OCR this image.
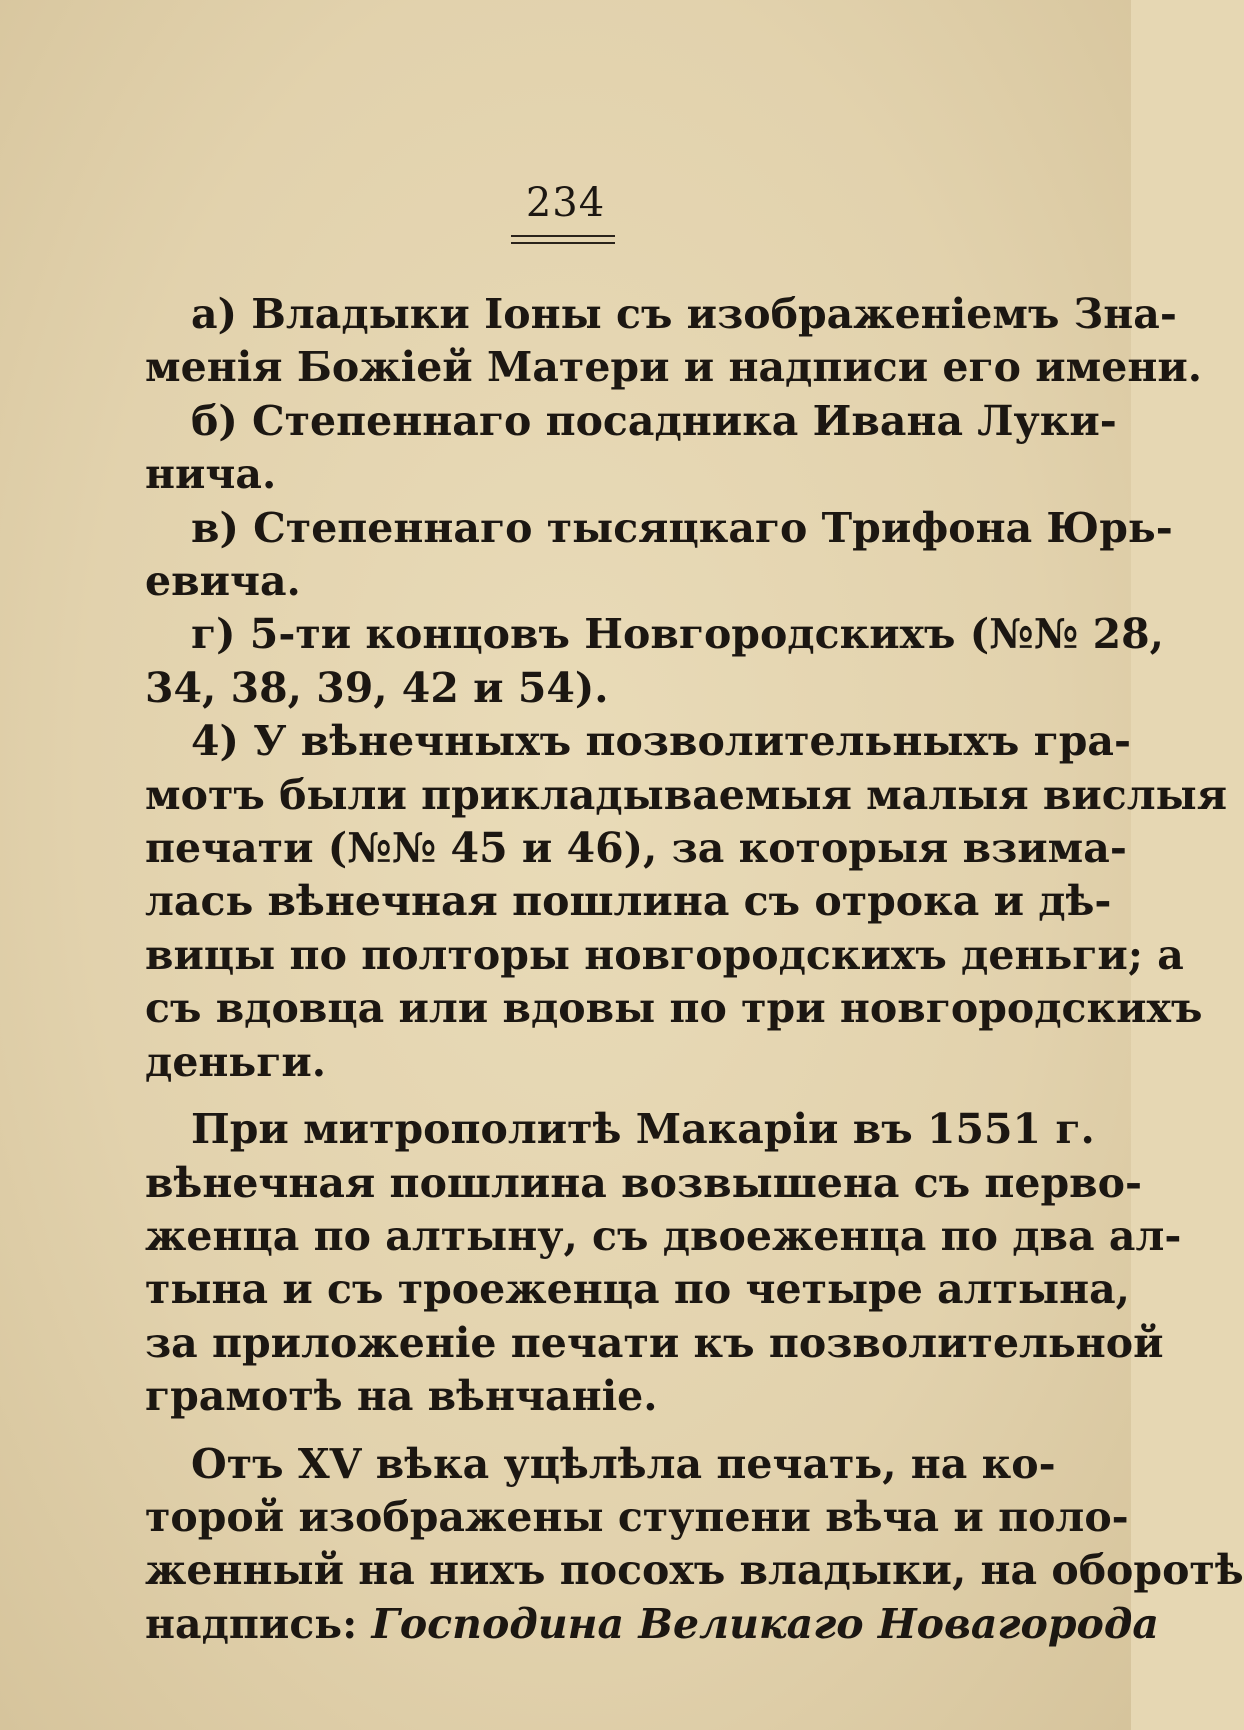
234
а) Владыки Іоны съ изображеніемъ Зна-
менія Божіей Матери и надписи его имени.
б) Степеннаго посадника Ивана Луки-
нича.
в) Степеннаго тысяцкаго Трифона Юрь-
евича.
г) 5-ти концовъ Новгородскихъ (№№ 28,
34, 38, 39, 42 и 54).
4) У вѣнечныхъ позволительныхъ гра-
мотъ были прикладываемыя малыя вислыя
печати (№№ 45 и 46), за которыя взима-
лась вѣнечная пошлина съ отрока и дѣ-
вицы по полторы новгородскихъ деньги; а
съ вдовца или вдовы по три новгородскихъ
деньги.
При митрополитѣ Макаріи въ 1551 г.
вѣнечная пошлина возвышена съ перво-
женца по алтыну, съ двоеженца по два ал-
тына и съ троеженца по четыре алтына,
за приложеніе печати къ позволительной
грамотѣ на вѣнчаніе.
Отъ XV вѣка уцѣлѣла печать, на ко-
торой изображены ступени вѣча и поло-
женный на нихъ посохъ владыки, на оборотѣ
надпись: Господина Великаго Новагорода
